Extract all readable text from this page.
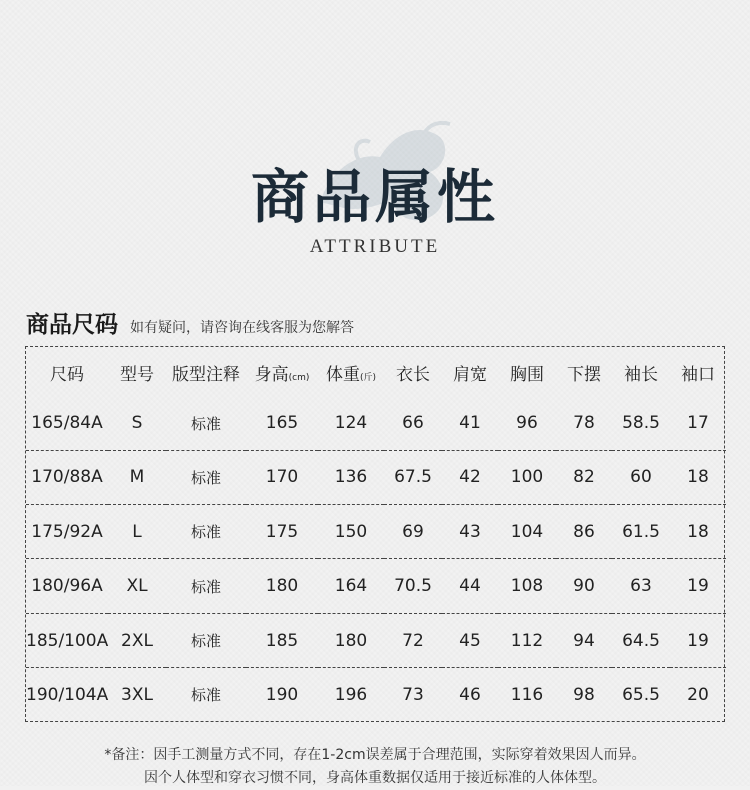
商品属性
ATTRIBUTE
商品尺码 如有疑问，请咨询在线客服为您解答
尺码	型号	版型注释	身高(cm)	体重(斤)	衣长	肩宽	胸围	下摆	袖长	袖口
165/84A	S	标准	165	124	66	41	96	78	58.5	17
170/88A	M	标准	170	136	67.5	42	100	82	60	18
175/92A	L	标准	175	150	69	43	104	86	61.5	18
180/96A	XL	标准	180	164	70.5	44	108	90	63	19
185/100A	2XL	标准	185	180	72	45	112	94	64.5	19
190/104A	3XL	标准	190	196	73	46	116	98	65.5	20
*备注：因手工测量方式不同，存在1-2cm误差属于合理范围，实际穿着效果因人而异。
因个人体型和穿衣习惯不同，身高体重数据仅适用于接近标准的人体体型。
